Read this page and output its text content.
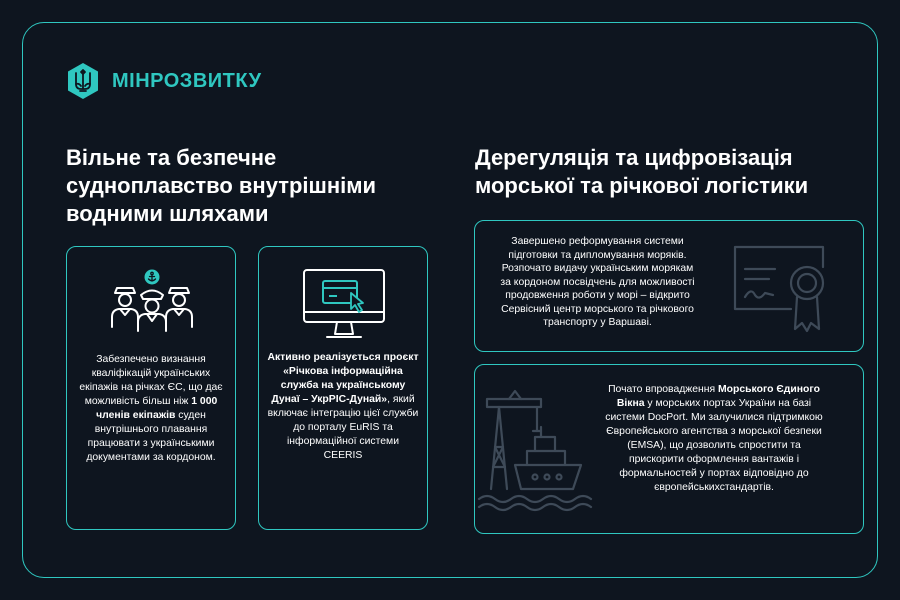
МІНРОЗВИТКУ
Вільне та безпечне судноплавство внутрішніми водними шляхами
Дерегуляція та цифровізація морської та річкової логістики
Забезпечено визнання кваліфікацій українських екіпажів на річках ЄС, що дає можливість більш ніж 1 000 членів екіпажів суден внутрішнього плавання працювати з українськими документами за кордоном.
Активно реалізується проєкт «Річкова інформаційна служба на українському Дунаї – УкрРІС-Дунай», який включає інтеграцію цієї служби до порталу EuRIS та інформаційної системи CEERIS
Завершено реформування системи підготовки та дипломування моряків. Розпочато видачу українським морякам за кордоном посвідчень для можливості продовження роботи у морі – відкрито Сервісний центр морського та річкового транспорту у Варшаві.
Почато впровадження Морського Єдиного Вікна у морських портах України на базі системи DocPort. Ми залучилися підтримкою Європейського агентства з морської безпеки (EMSA), що дозволить спростити та прискорити оформлення вантажів і формальностей у портах відповідно до європейськихстандартів.
